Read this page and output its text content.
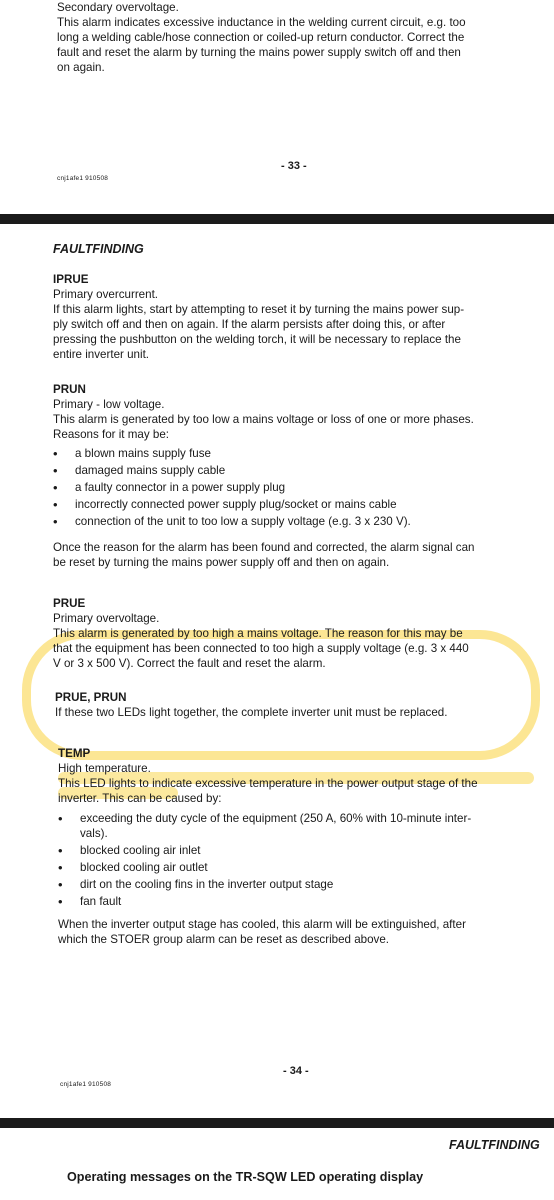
Secondary overvoltage.

This alarm indicates excessive inductance in the welding current circuit, e.g. too

long a welding cable/hose connection or coiled-up return conductor. Correct the

fault and reset the alarm by turning the mains power supply switch off and then

on again.

- 33 -
cnj1afe1 910508
FAULTFINDING

IPRUE

Primary overcurrent.

If this alarm lights, start by attempting to reset it by turning the mains power sup-

ply switch off and then on again. If the alarm persists after doing this, or after

pressing the pushbutton on the welding torch, it will be necessary to replace the

entire inverter unit.

PRUN

Primary - low voltage.

This alarm is generated by too low a mains voltage or loss of one or more phases.

Reasons for it may be:

• a blown mains supply fuse
• damaged mains supply cable
• a faulty connector in a power supply plug
• incorrectly connected power supply plug/socket or mains cable
• connection of the unit to too low a supply voltage (e.g. 3 x 230 V).

Once the reason for the alarm has been found and corrected, the alarm signal can

be reset by turning the mains power supply off and then on again.

PRUE

Primary overvoltage.

This alarm is generated by too high a mains voltage. The reason for this may be

that the equipment has been connected to too high a supply voltage (e.g. 3 x 440

V or 3 x 500 V). Correct the fault and reset the alarm.

PRUE, PRUN

If these two LEDs light together, the complete inverter unit must be replaced.

TEMP

High temperature.

This LED lights to indicate excessive temperature in the power output stage of the

inverter. This can be caused by:

• exceeding the duty cycle of the equipment (250 A, 60% with 10-minute inter-
vals).
• blocked cooling air inlet
• blocked cooling air outlet
• dirt on the cooling fins in the inverter output stage
• fan fault

When the inverter output stage has cooled, this alarm will be extinguished, after

which the STOER group alarm can be reset as described above.

- 34 -
cnj1afe1 910508
FAULTFINDING
Operating messages on the TR-SQW LED operating display
